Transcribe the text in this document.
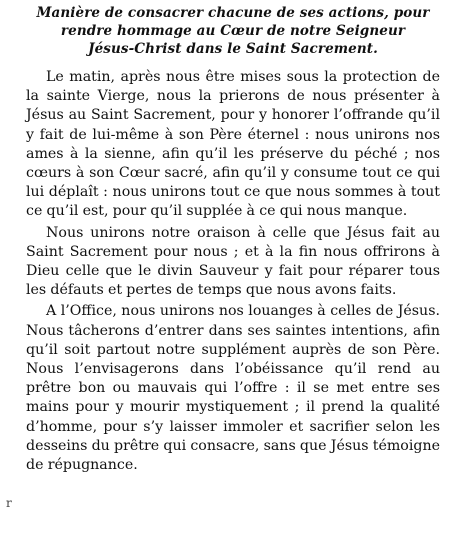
Manière de consacrer chacune de ses actions, pour
rendre hommage au Cœur de notre Seigneur
Jésus-Christ dans le Saint Sacrement.

Le matin, après nous être mises sous la protection de la sainte Vierge, nous la prierons de nous présenter à Jésus au Saint Sacrement, pour y honorer l’offrande qu’il y fait de lui-même à son Père éternel : nous unirons nos ames à la sienne, afin qu’il les préserve du péché ; nos cœurs à son Cœur sacré, afin qu’il y consume tout ce qui lui déplaît : nous unirons tout ce que nous sommes à tout ce qu’il est, pour qu’il supplée à ce qui nous manque.

Nous unirons notre oraison à celle que Jésus fait au Saint Sacrement pour nous ; et à la fin nous offrirons à Dieu celle que le divin Sauveur y fait pour réparer tous les défauts et pertes de temps que nous avons faits.

A l’Office, nous unirons nos louanges à celles de Jésus. Nous tâcherons d’entrer dans ses saintes intentions, afin qu’il soit partout notre supplément auprès de son Père. Nous l’envisagerons dans l’obéissance qu’il rend au prêtre bon ou mauvais qui l’offre : il se met entre ses mains pour y mourir mystiquement ; il prend la qualité d’homme, pour s’y laisser immoler et sacrifier selon les desseins du prêtre qui consacre, sans que Jésus témoigne de répugnance.

r
